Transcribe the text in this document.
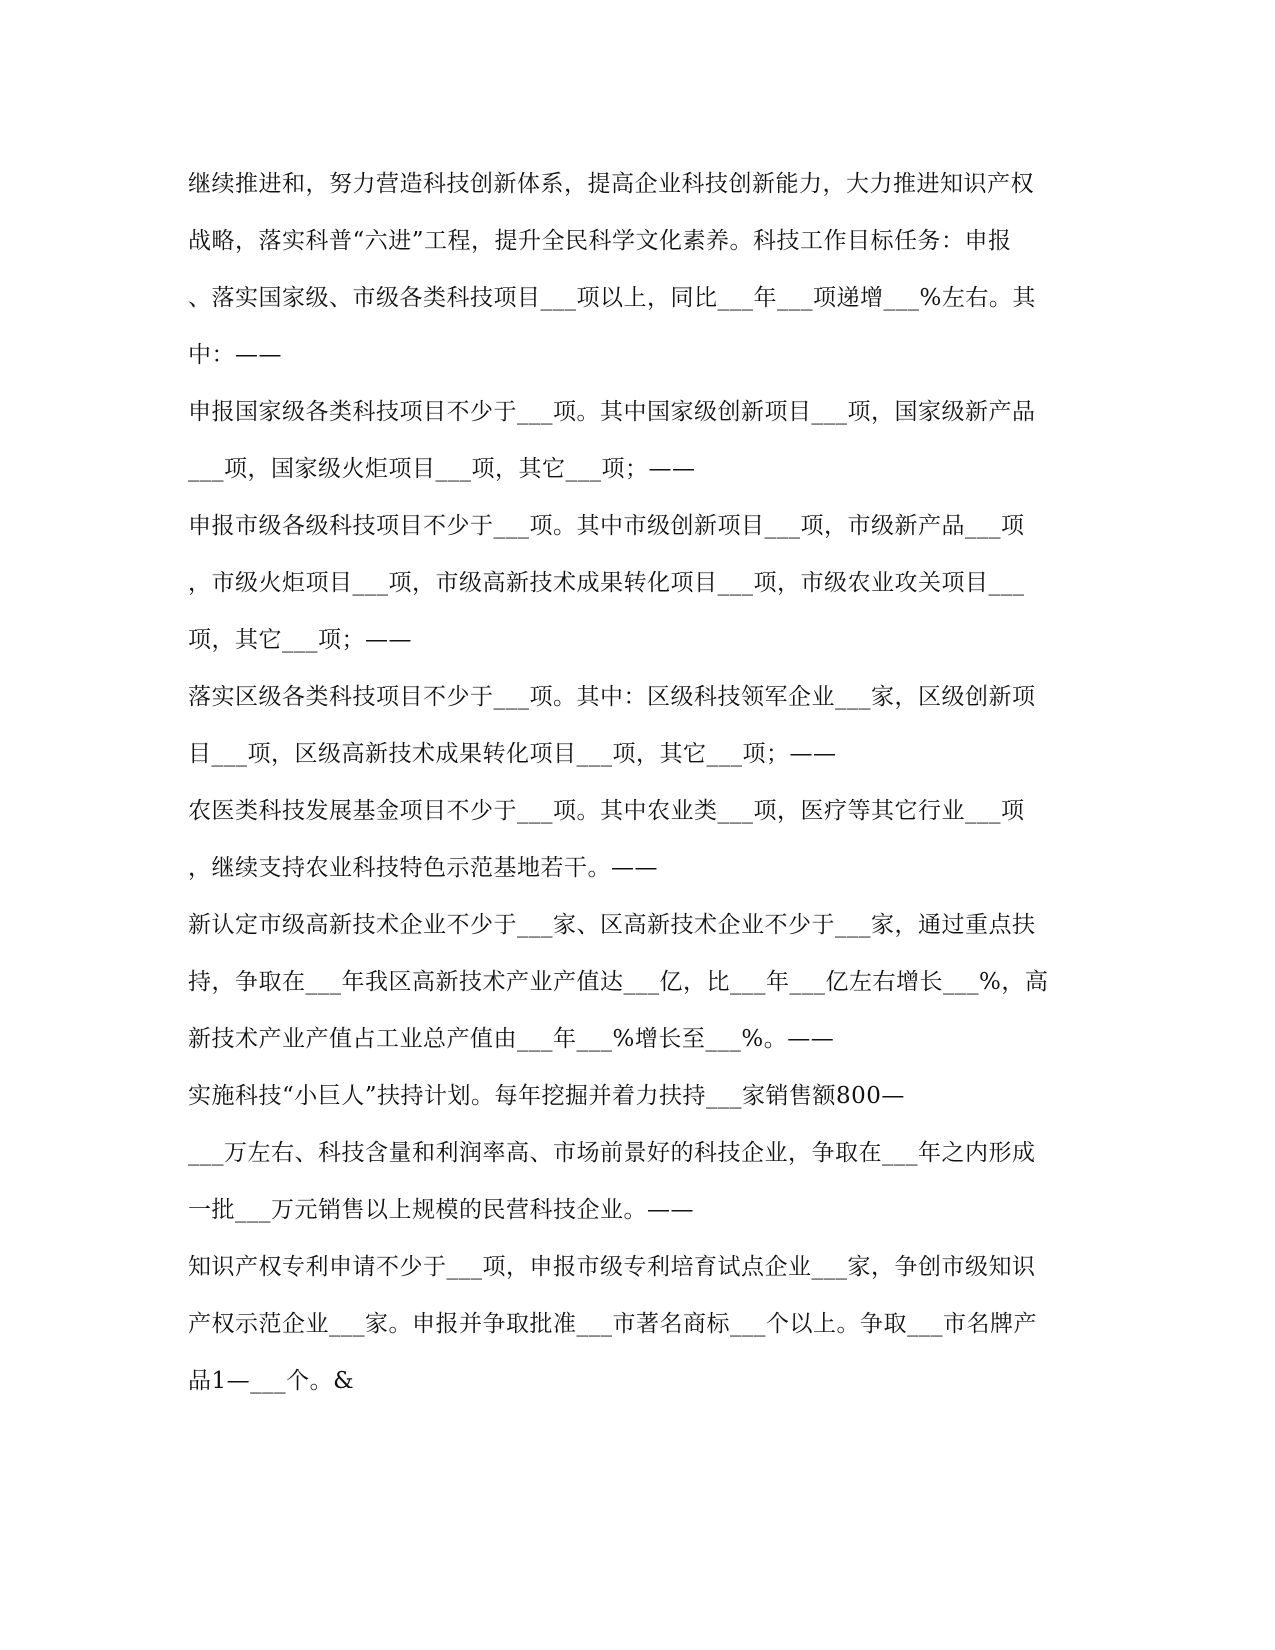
继续推进和，努力营造科技创新体系，提高企业科技创新能力，大力推进知识产权
战略，落实科普“六进”工程，提升全民科学文化素养。科技工作目标任务：申报
、落实国家级、市级各类科技项目___项以上，同比___年___项递增___%左右。其
中：——
申报国家级各类科技项目不少于___项。其中国家级创新项目___项，国家级新产品
___项，国家级火炬项目___项，其它___项；——
申报市级各级科技项目不少于___项。其中市级创新项目___项，市级新产品___项
，市级火炬项目___项，市级高新技术成果转化项目___项，市级农业攻关项目___
项，其它___项；——
落实区级各类科技项目不少于___项。其中：区级科技领军企业___家，区级创新项
目___项，区级高新技术成果转化项目___项，其它___项；——
农医类科技发展基金项目不少于___项。其中农业类___项，医疗等其它行业___项
，继续支持农业科技特色示范基地若干。——
新认定市级高新技术企业不少于___家、区高新技术企业不少于___家，通过重点扶
持，争取在___年我区高新技术产业产值达___亿，比___年___亿左右增长___%，高
新技术产业产值占工业总产值由___年___%增长至___%。——
实施科技“小巨人”扶持计划。每年挖掘并着力扶持___家销售额800—
___万左右、科技含量和利润率高、市场前景好的科技企业，争取在___年之内形成
一批___万元销售以上规模的民营科技企业。——
知识产权专利申请不少于___项，申报市级专利培育试点企业___家，争创市级知识
产权示范企业___家。申报并争取批准___市著名商标___个以上。争取___市名牌产
品1—___个。&
